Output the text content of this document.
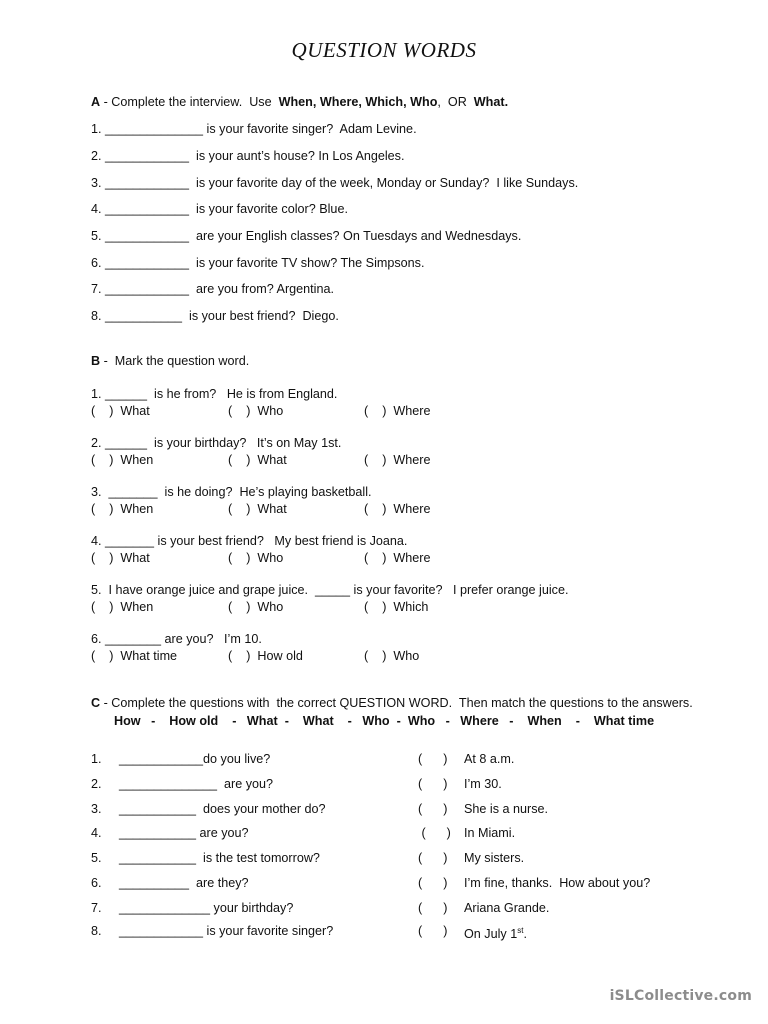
QUESTION WORDS
A - Complete the interview.  Use  When, Where, Which, Who,  OR  What.
1. ______________ is your favorite singer?  Adam Levine.
2. ____________  is your aunt’s house? In Los Angeles.
3. ____________  is your favorite day of the week, Monday or Sunday?  I like Sundays.
4. ____________  is your favorite color? Blue.
5. ____________  are your English classes? On Tuesdays and Wednesdays.
6. ____________  is your favorite TV show? The Simpsons.
7. ____________  are you from? Argentina.
8. ___________  is your best friend?  Diego.
B -  Mark the question word.
1. ______  is he from?   He is from England.
(    )  What	(    )  Who	(    )  Where
2. ______  is your birthday?   It’s on May 1st.
(    )  When	(    )  What	(    )  Where
3.  _______  is he doing?  He’s playing basketball.
(    )  When	(    )  What	(    )  Where
4. _______ is your best friend?   My best friend is Joana.
(    )  What	(    )  Who	(    )  Where
5.  I have orange juice and grape juice.  _____ is your favorite?   I prefer orange juice.
(    )  When	(    )  Who	(    )  Which
6. ________ are you?   I’m 10.
(    )  What time	(    )  How old	(    )  Who
C - Complete the questions with  the correct QUESTION WORD.  Then match the questions to the answers.
How   -    How old    -   What  -    What    -   Who  -  Who   -   Where   -    When    -    What time
1.     ____________do you live?	(      ) At 8 a.m.
2.     ______________  are you?	(      ) I’m 30.
3.     ___________  does your mother do?	(      ) She is a nurse.
4.     ___________ are you?	(      ) In Miami.
5.     ___________  is the test tomorrow?	(      ) My sisters.
6.     __________  are they?	(      ) I’m fine, thanks.  How about you?
7.     _____________ your birthday?	(      ) Ariana Grande.
8.     ____________ is your favorite singer?	(      ) On July 1st.
iSLCollective.com
